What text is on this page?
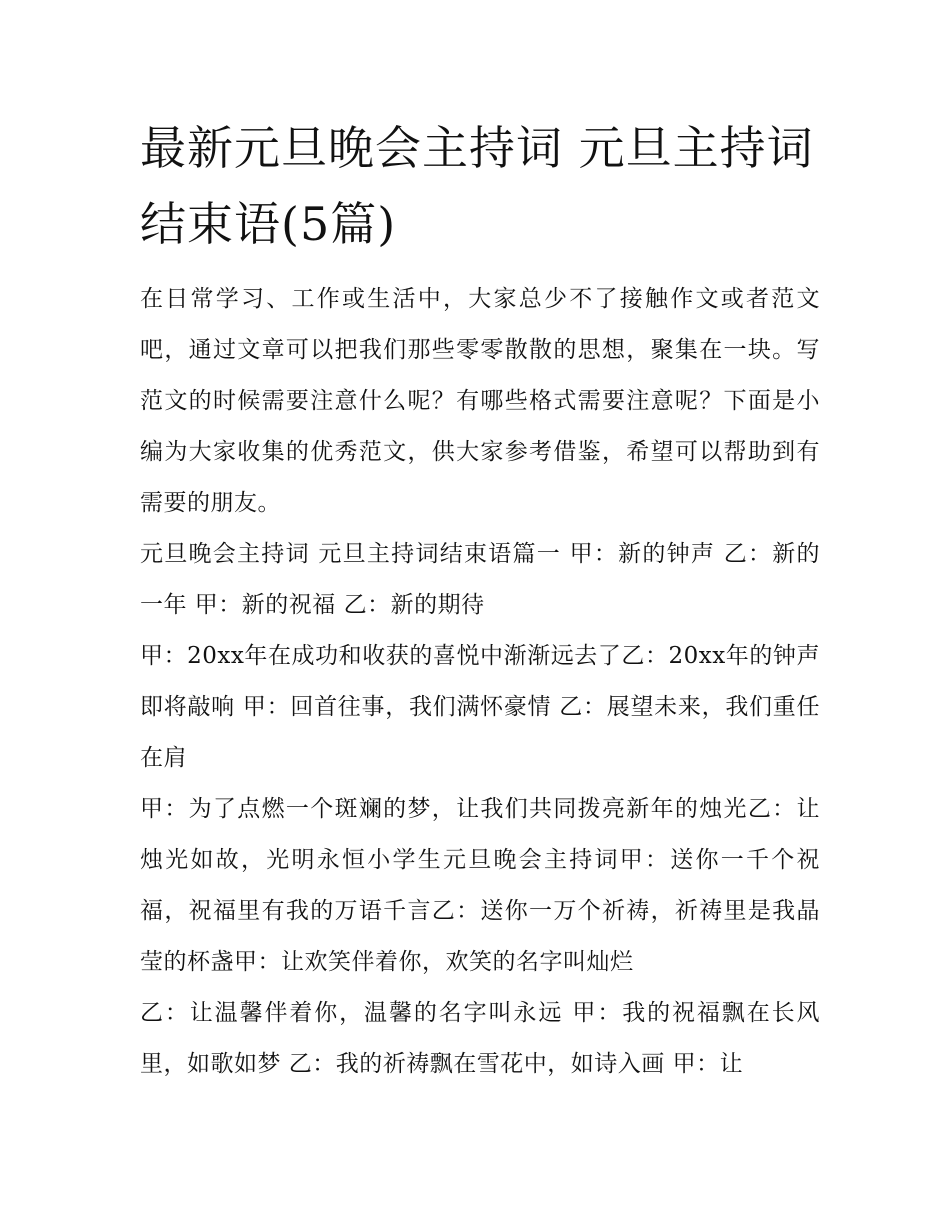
最新元旦晚会主持词 元旦主持词结束语(5篇)

在日常学习、工作或生活中，大家总少不了接触作文或者范文吧，通过文章可以把我们那些零零散散的思想，聚集在一块。写范文的时候需要注意什么呢？有哪些格式需要注意呢？下面是小编为大家收集的优秀范文，供大家参考借鉴，希望可以帮助到有需要的朋友。

元旦晚会主持词 元旦主持词结束语篇一 甲：新的钟声 乙：新的一年 甲：新的祝福 乙：新的期待

甲：20xx年在成功和收获的喜悦中渐渐远去了乙：20xx年的钟声即将敲响 甲：回首往事，我们满怀豪情 乙：展望未来，我们重任在肩

甲：为了点燃一个斑斓的梦，让我们共同拨亮新年的烛光乙：让烛光如故，光明永恒小学生元旦晚会主持词甲：送你一千个祝福，祝福里有我的万语千言乙：送你一万个祈祷，祈祷里是我晶莹的杯盏甲：让欢笑伴着你，欢笑的名字叫灿烂

乙：让温馨伴着你，温馨的名字叫永远 甲：我的祝福飘在长风里，如歌如梦 乙：我的祈祷飘在雪花中，如诗入画 甲：让
